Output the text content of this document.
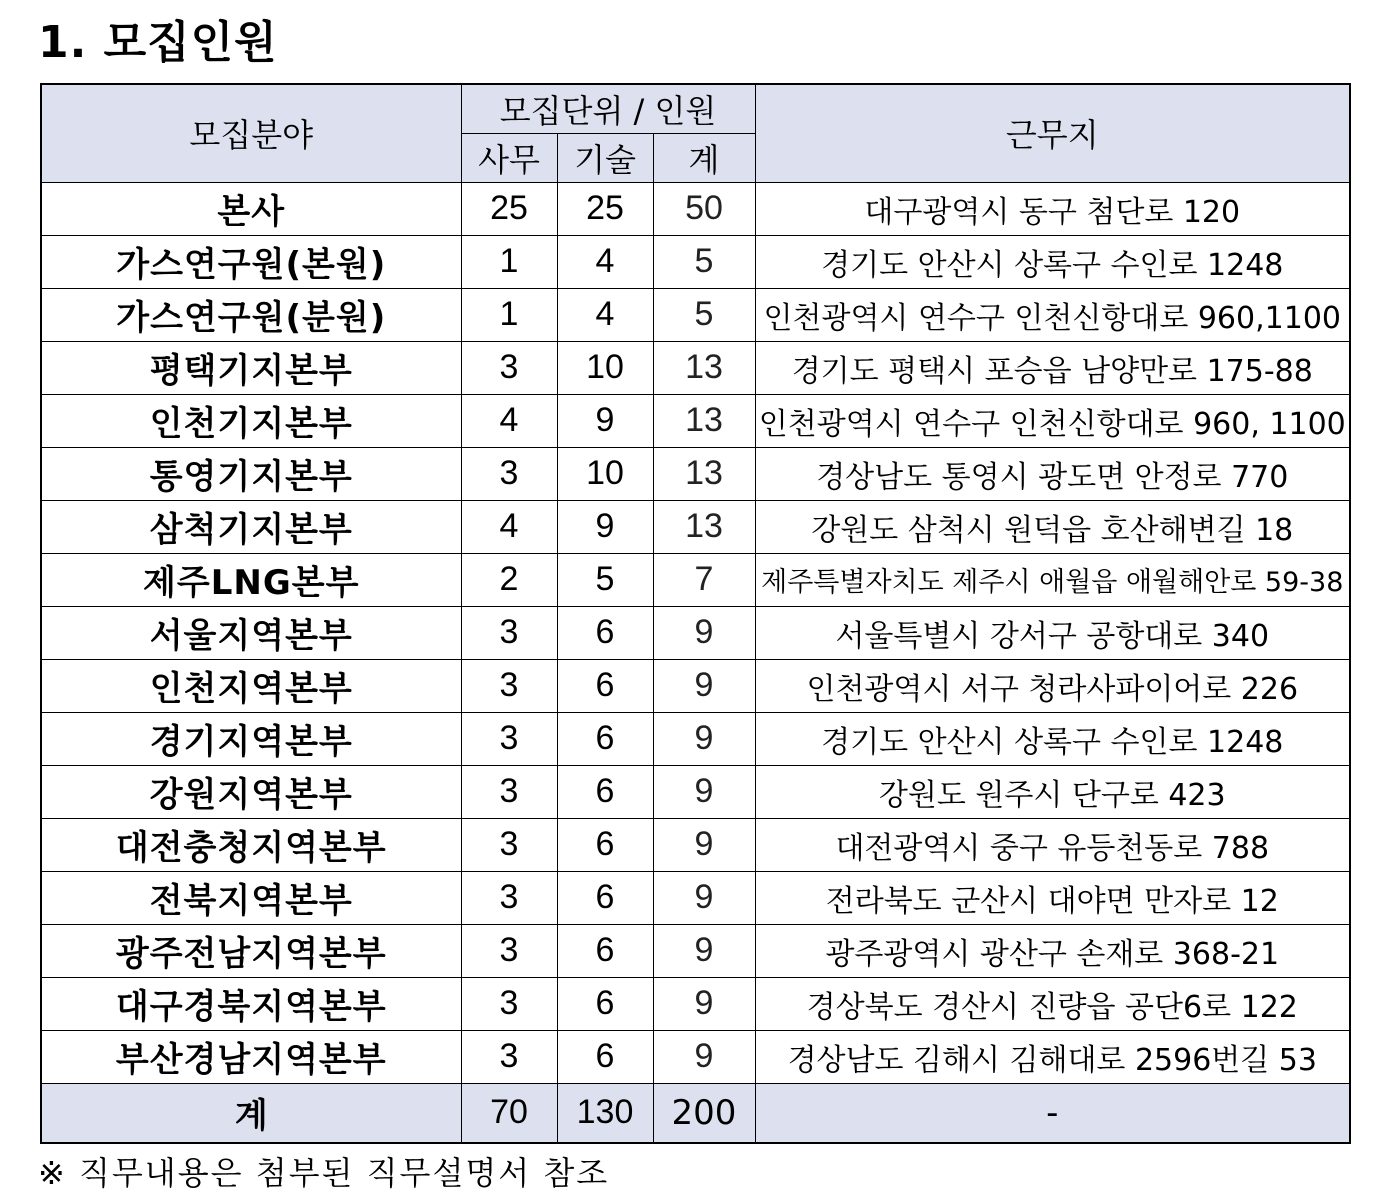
1. 모집인원
모집분야	모집단위 / 인원			근무지
	사무	기술	계	
본사	25	25	50	대구광역시 동구 첨단로 120
가스연구원(본원)	1	4	5	경기도 안산시 상록구 수인로 1248
가스연구원(분원)	1	4	5	인천광역시 연수구 인천신항대로 960,1100
평택기지본부	3	10	13	경기도 평택시 포승읍 남양만로 175-88
인천기지본부	4	9	13	인천광역시 연수구 인천신항대로 960, 1100
통영기지본부	3	10	13	경상남도 통영시 광도면 안정로 770
삼척기지본부	4	9	13	강원도 삼척시 원덕읍 호산해변길 18
제주LNG본부	2	5	7	제주특별자치도 제주시 애월읍 애월해안로 59-38
서울지역본부	3	6	9	서울특별시 강서구 공항대로 340
인천지역본부	3	6	9	인천광역시 서구 청라사파이어로 226
경기지역본부	3	6	9	경기도 안산시 상록구 수인로 1248
강원지역본부	3	6	9	강원도 원주시 단구로 423
대전충청지역본부	3	6	9	대전광역시 중구 유등천동로 788
전북지역본부	3	6	9	전라북도 군산시 대야면 만자로 12
광주전남지역본부	3	6	9	광주광역시 광산구 손재로 368-21
대구경북지역본부	3	6	9	경상북도 경산시 진량읍 공단6로 122
부산경남지역본부	3	6	9	경상남도 김해시 김해대로 2596번길 53
계	70	130	200	-
※ 직무내용은 첨부된 직무설명서 참조
